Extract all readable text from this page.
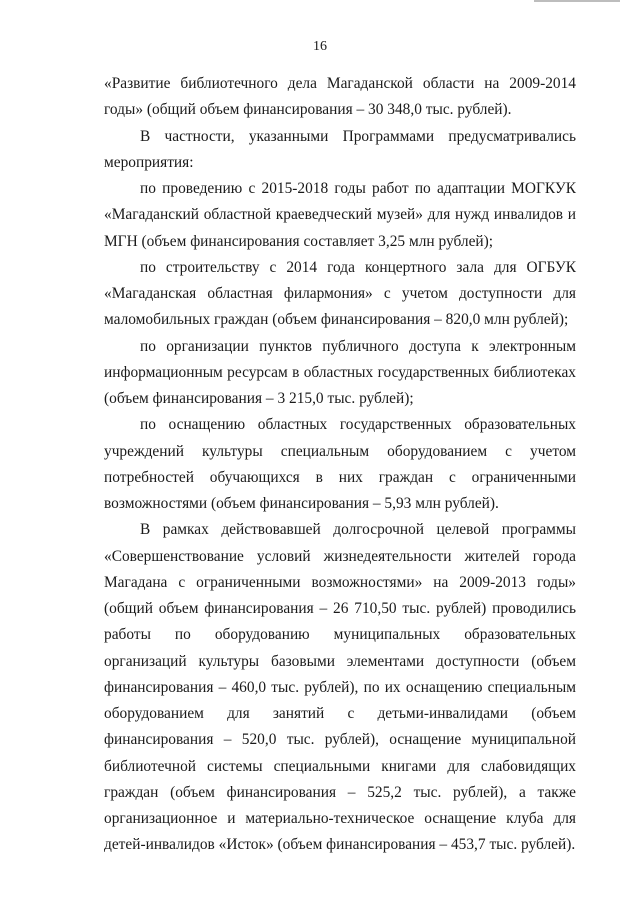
16

«Развитие библиотечного дела Магаданской области на 2009-2014 годы» (общий объем финансирования – 30 348,0 тыс. рублей).

В частности, указанными Программами предусматривались мероприятия:

по проведению с 2015-2018 годы работ по адаптации МОГКУК «Магаданский областной краеведческий музей» для нужд инвалидов и МГН (объем финансирования составляет 3,25 млн рублей);

по строительству с 2014 года концертного зала для ОГБУК «Магаданская областная филармония» с учетом доступности для маломобильных граждан (объем финансирования – 820,0 млн рублей);

по организации пунктов публичного доступа к электронным информационным ресурсам в областных государственных библиотеках (объем финансирования – 3 215,0 тыс. рублей);

по оснащению областных государственных образовательных учреждений культуры специальным оборудованием с учетом потребностей обучающихся в них граждан с ограниченными возможностями (объем финансирования – 5,93 млн рублей).

В рамках действовавшей долгосрочной целевой программы «Совершенствование условий жизнедеятельности жителей города Магадана с ограниченными возможностями» на 2009-2013 годы» (общий объем финансирования – 26 710,50 тыс. рублей) проводились работы по оборудованию муниципальных образовательных организаций культуры базовыми элементами доступности (объем финансирования – 460,0 тыс. рублей), по их оснащению специальным оборудованием для занятий с детьми-инвалидами (объем финансирования – 520,0 тыс. рублей), оснащение муниципальной библиотечной системы специальными книгами для слабовидящих граждан (объем финансирования – 525,2 тыс. рублей), а также организационное и материально-техническое оснащение клуба для детей-инвалидов «Исток» (объем финансирования – 453,7 тыс. рублей).
